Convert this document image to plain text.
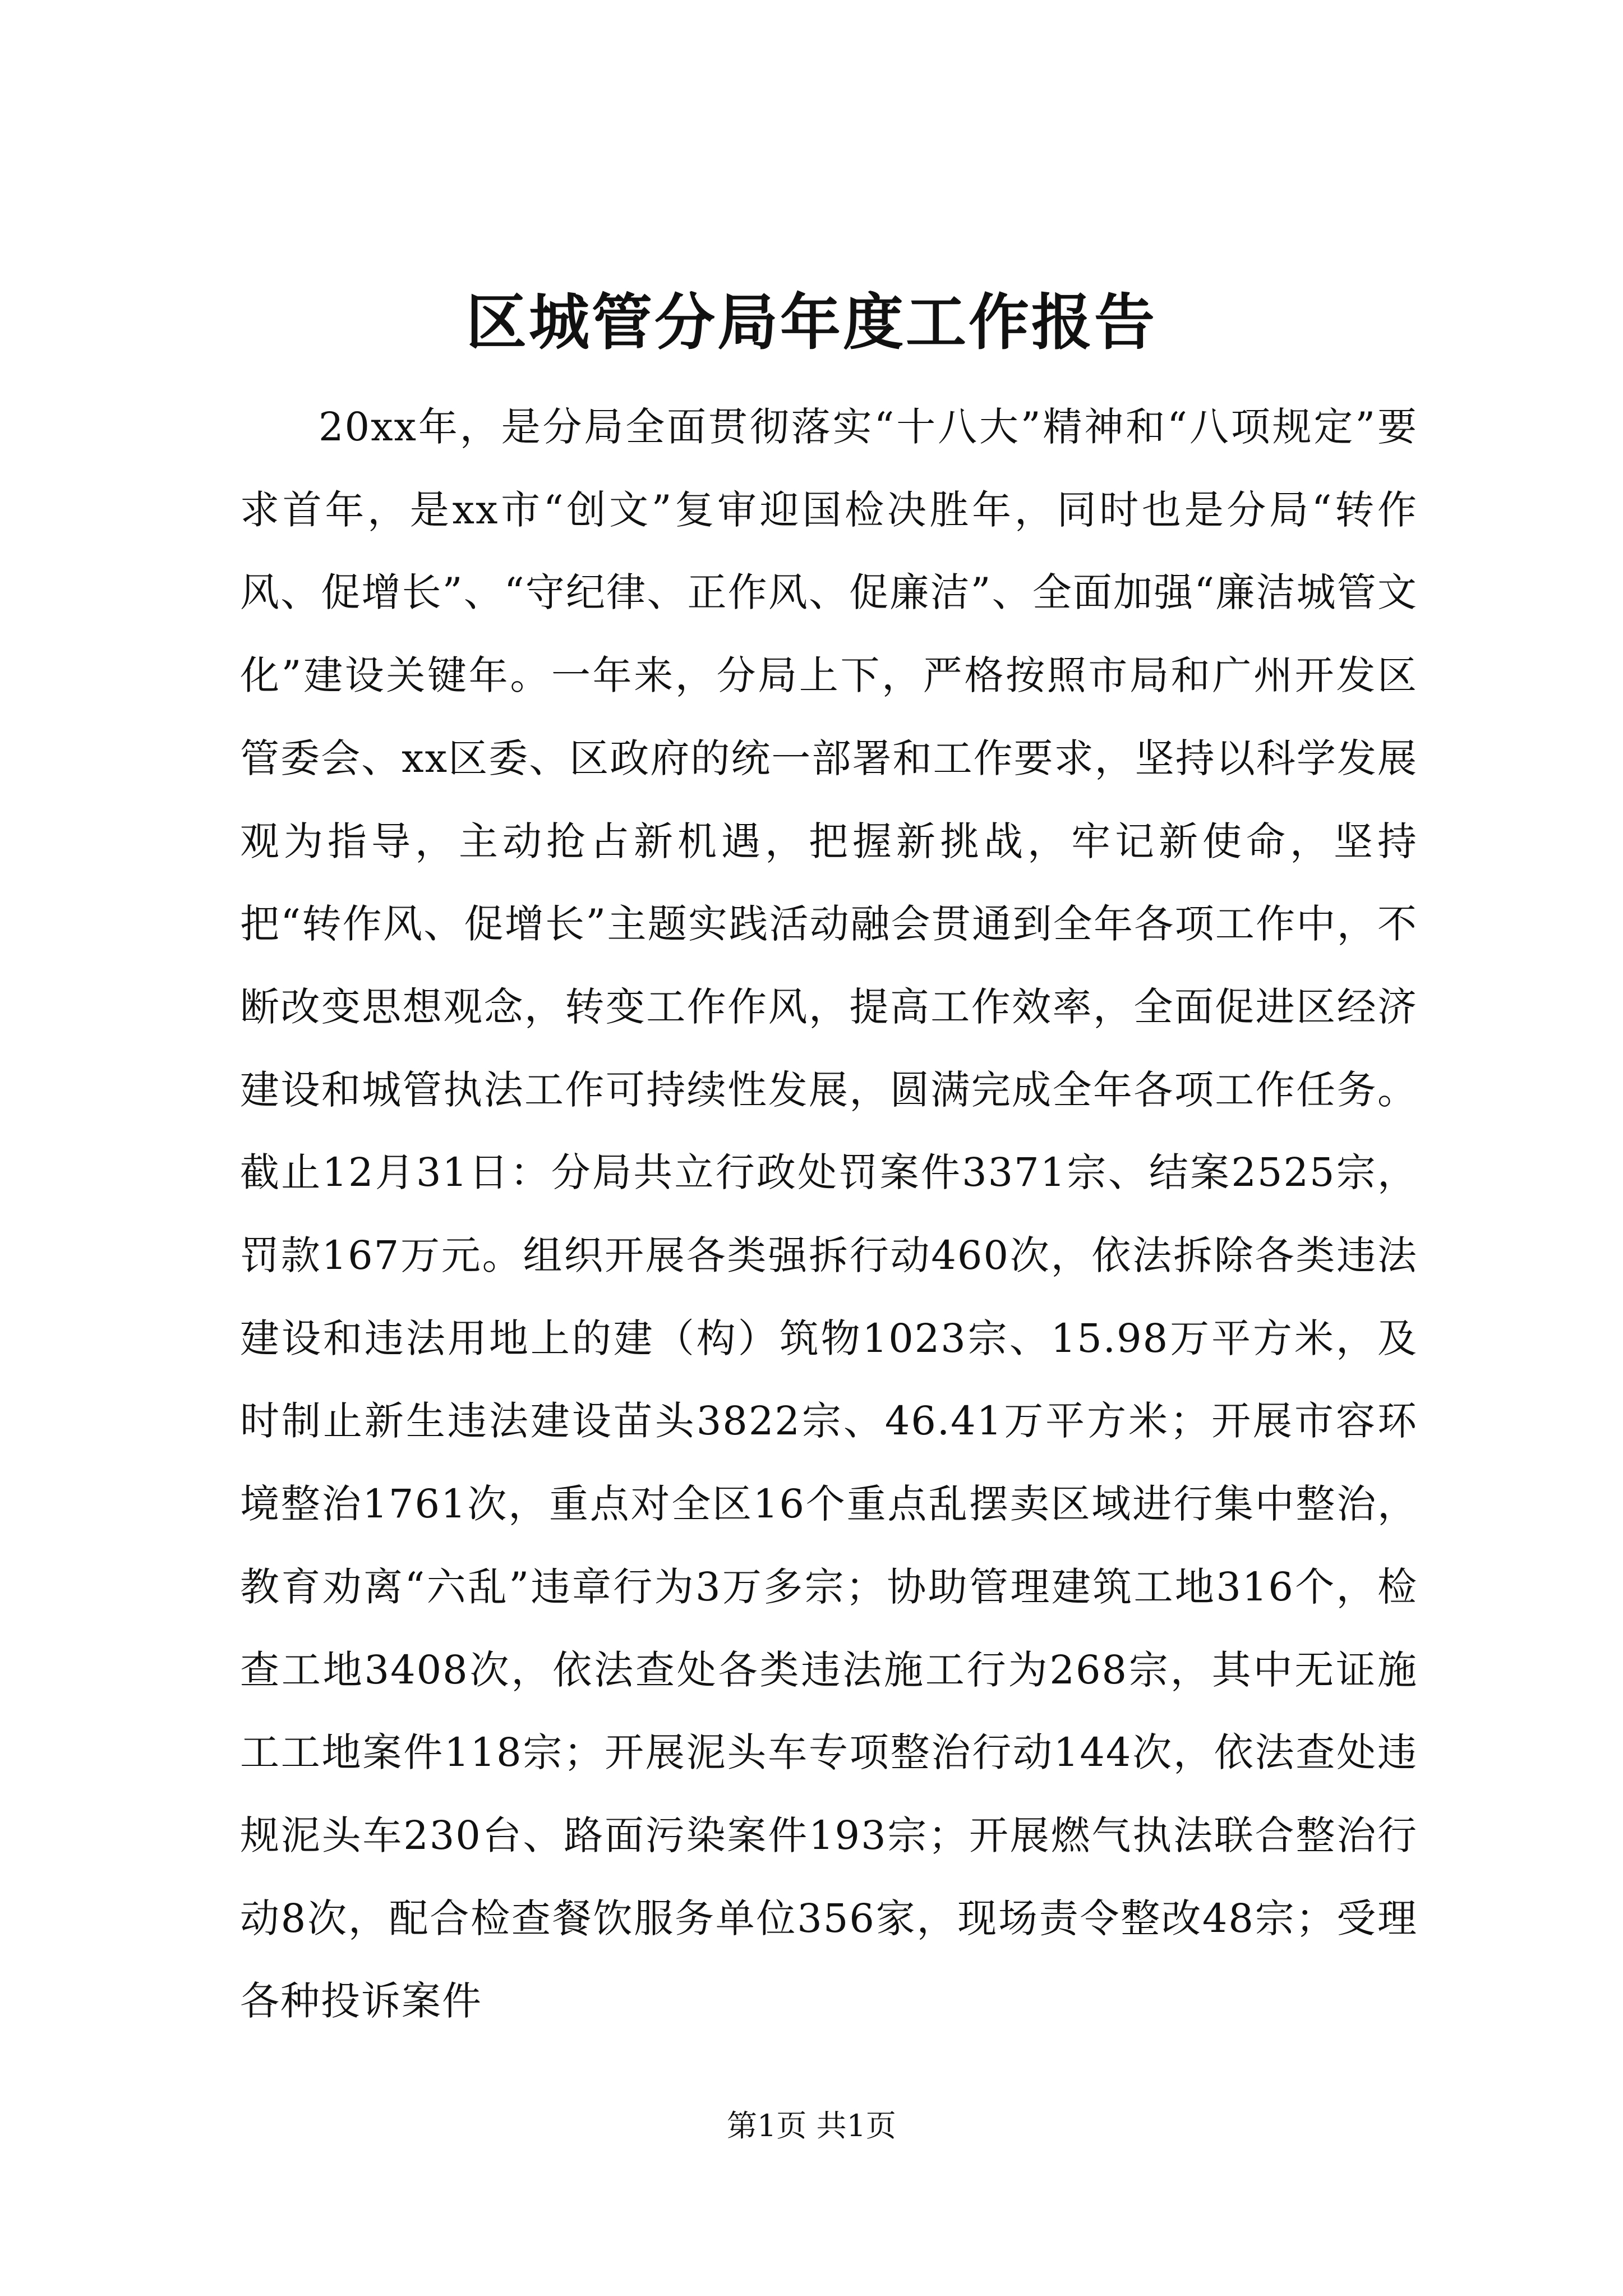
区城管分局年度工作报告

20xx年，是分局全面贯彻落实“十八大”精神和“八项规定”要求首年，是xx市“创文”复审迎国检决胜年，同时也是分局“转作风、促增长”、“守纪律、正作风、促廉洁”、全面加强“廉洁城管文化”建设关键年。一年来，分局上下，严格按照市局和广州开发区管委会、xx区委、区政府的统一部署和工作要求，坚持以科学发展观为指导，主动抢占新机遇，把握新挑战，牢记新使命，坚持把“转作风、促增长”主题实践活动融会贯通到全年各项工作中，不断改变思想观念，转变工作作风，提高工作效率，全面促进区经济建设和城管执法工作可持续性发展，圆满完成全年各项工作任务。截止12月31日：分局共立行政处罚案件3371宗、结案2525宗，罚款167万元。组织开展各类强拆行动460次，依法拆除各类违法建设和违法用地上的建（构）筑物1023宗、15.98万平方米，及时制止新生违法建设苗头3822宗、46.41万平方米；开展市容环境整治1761次，重点对全区16个重点乱摆卖区域进行集中整治，教育劝离“六乱”违章行为3万多宗；协助管理建筑工地316个，检查工地3408次，依法查处各类违法施工行为268宗，其中无证施工工地案件118宗；开展泥头车专项整治行动144次，依法查处违规泥头车230台、路面污染案件193宗；开展燃气执法联合整治行动8次，配合检查餐饮服务单位356家，现场责令整改48宗；受理各种投诉案件

第1页 共1页
